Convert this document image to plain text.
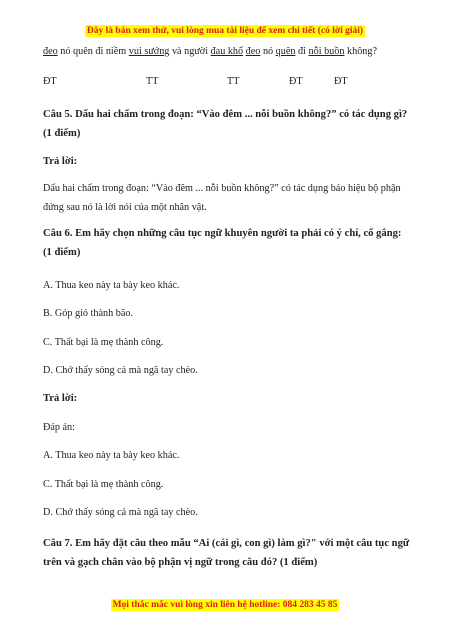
Đây là bản xem thử, vui lòng mua tài liệu để xem chi tiết (có lời giải)
đeo nó quên đi niềm vui sướng và người đau khổ đeo nó quên đi nỗi buồn không?
ĐT	TT	TT	ĐT	ĐT
Câu 5. Dấu hai chấm trong đoạn: “Vào đêm ... nỗi buồn không?” có tác dụng gì? (1 điểm)
Trả lời:
Dấu hai chấm trong đoạn: “Vào đêm ... nỗi buồn không?” có tác dụng báo hiệu bộ phận đứng sau nó là lời nói của một nhân vật.
Câu 6. Em hãy chọn những câu tục ngữ khuyên người ta phải có ý chí, cố gắng: (1 điểm)
A. Thua keo này ta bày keo khác.
B. Góp gió thành bão.
C. Thất bại là mẹ thành công.
D. Chớ thấy sóng cả mà ngã tay chèo.
Trả lời:
Đáp án:
A. Thua keo này ta bày keo khác.
C. Thất bại là mẹ thành công.
D. Chớ thấy sóng cả mà ngã tay chèo.
Câu 7. Em hãy đặt câu theo mẫu “Ai (cái gì, con gì) làm gì?" với một câu tục ngữ trên và gạch chân vào bộ phận vị ngữ trong câu đó? (1 điểm)
Mọi thắc mắc vui lòng xin liên hệ hotline: 084 283 45 85
